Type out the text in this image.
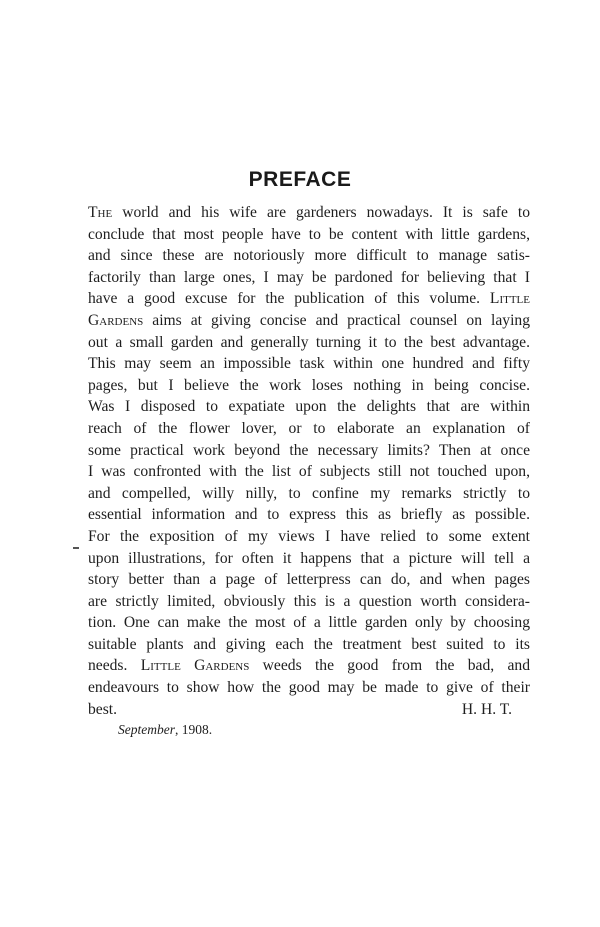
PREFACE
The world and his wife are gardeners nowadays. It is safe to
conclude that most people have to be content with little gardens,
and since these are notoriously more difficult to manage satis-
factorily than large ones, I may be pardoned for believing that I
have a good excuse for the publication of this volume. Little
Gardens aims at giving concise and practical counsel on laying
out a small garden and generally turning it to the best advantage.
This may seem an impossible task within one hundred and fifty
pages, but I believe the work loses nothing in being concise.
Was I disposed to expatiate upon the delights that are within
reach of the flower lover, or to elaborate an explanation of
some practical work beyond the necessary limits? Then at once
I was confronted with the list of subjects still not touched upon,
and compelled, willy nilly, to confine my remarks strictly to
essential information and to express this as briefly as possible.
For the exposition of my views I have relied to some extent
upon illustrations, for often it happens that a picture will tell a
story better than a page of letterpress can do, and when pages
are strictly limited, obviously this is a question worth considera-
tion. One can make the most of a little garden only by choosing
suitable plants and giving each the treatment best suited to its
needs. Little Gardens weeds the good from the bad, and
endeavours to show how the good may be made to give of their
best.	H. H. T.
September, 1908.
